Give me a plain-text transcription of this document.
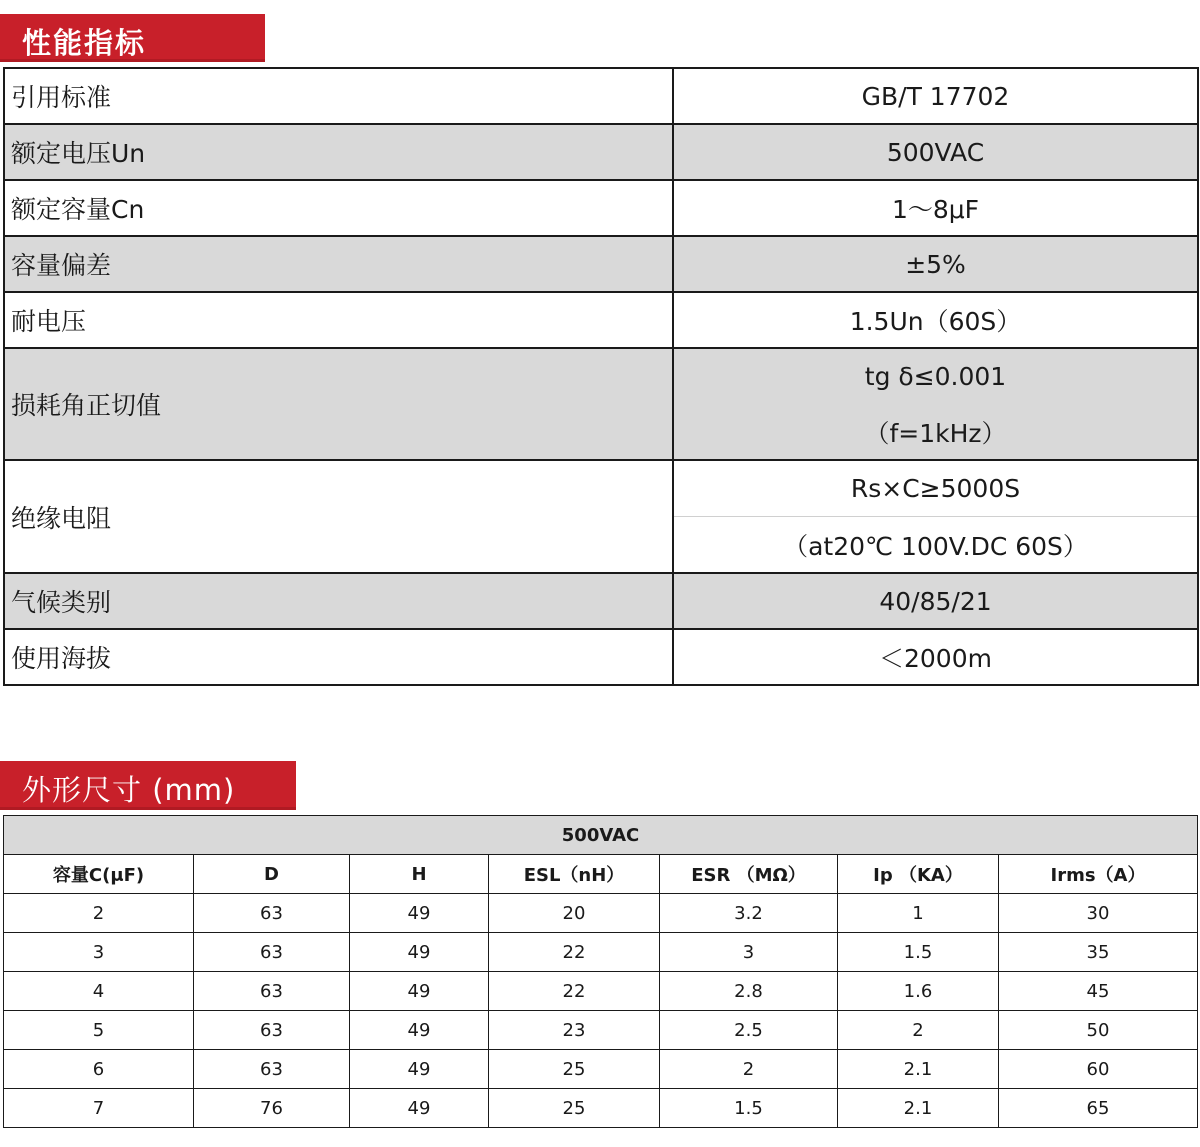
性能指标
引用标准	GB/T 17702
额定电压Un	500VAC
额定容量Cn	1～8μF
容量偏差	±5%
耐电压	1.5Un（60S）
损耗角正切值	tg δ≤0.001
（f=1kHz）

绝缘电阻	Rs×C≥5000S
（at20℃ 100V.DC 60S）

气候类别	40/85/21
使用海拔	＜2000m
外形尺寸 (mm)
500VAC						
容量C(μF)	D	H	ESL（nH）	ESR （MΩ）	Ip （KA）	Irms（A）
2	63	49	20	3.2	1	30
3	63	49	22	3	1.5	35
4	63	49	22	2.8	1.6	45
5	63	49	23	2.5	2	50
6	63	49	25	2	2.1	60
7	76	49	25	1.5	2.1	65
